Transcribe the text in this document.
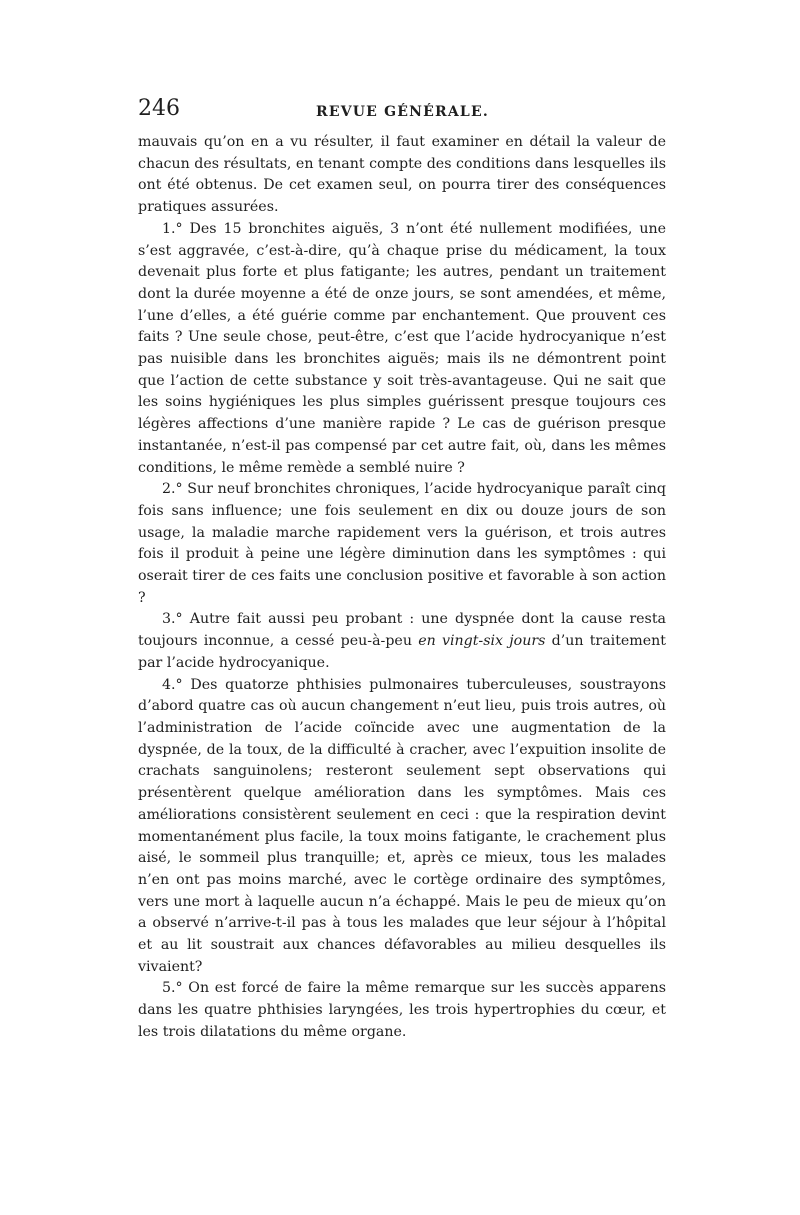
246	REVUE GÉNÉRALE.

mauvais qu’on en a vu résulter, il faut examiner en détail la valeur de chacun des résultats, en tenant compte des conditions dans lesquelles ils ont été obtenus. De cet examen seul, on pourra tirer des conséquences pratiques assurées.

1.° Des 15 bronchites aiguës, 3 n’ont été nullement modifiées, une s’est aggravée, c’est-à-dire, qu’à chaque prise du médicament, la toux devenait plus forte et plus fatigante; les autres, pendant un traitement dont la durée moyenne a été de onze jours, se sont amendées, et même, l’une d’elles, a été guérie comme par enchantement. Que prouvent ces faits ? Une seule chose, peut-être, c’est que l’acide hydrocyanique n’est pas nuisible dans les bronchites aiguës; mais ils ne démontrent point que l’action de cette substance y soit très-avantageuse. Qui ne sait que les soins hygiéniques les plus simples guérissent presque toujours ces légères affections d’une manière rapide ? Le cas de guérison presque instantanée, n’est-il pas compensé par cet autre fait, où, dans les mêmes conditions, le même remède a semblé nuire ?

2.° Sur neuf bronchites chroniques, l’acide hydrocyanique paraît cinq fois sans influence; une fois seulement en dix ou douze jours de son usage, la maladie marche rapidement vers la guérison, et trois autres fois il produit à peine une légère diminution dans les symptômes : qui oserait tirer de ces faits une conclusion positive et favorable à son action ?

3.° Autre fait aussi peu probant : une dyspnée dont la cause resta toujours inconnue, a cessé peu-à-peu en vingt-six jours d’un traitement par l’acide hydrocyanique.

4.° Des quatorze phthisies pulmonaires tuberculeuses, soustrayons d’abord quatre cas où aucun changement n’eut lieu, puis trois autres, où l’administration de l’acide coïncide avec une augmentation de la dyspnée, de la toux, de la difficulté à cracher, avec l’expuition insolite de crachats sanguinolens; resteront seulement sept observations qui présentèrent quelque amélioration dans les symptômes. Mais ces améliorations consistèrent seulement en ceci : que la respiration devint momentanément plus facile, la toux moins fatigante, le crachement plus aisé, le sommeil plus tranquille; et, après ce mieux, tous les malades n’en ont pas moins marché, avec le cortège ordinaire des symptômes, vers une mort à laquelle aucun n’a échappé. Mais le peu de mieux qu’on a observé n’arrive-t-il pas à tous les malades que leur séjour à l’hôpital et au lit soustrait aux chances défavorables au milieu desquelles ils vivaient?

5.° On est forcé de faire la même remarque sur les succès apparens dans les quatre phthisies laryngées, les trois hypertrophies du cœur, et les trois dilatations du même organe.
